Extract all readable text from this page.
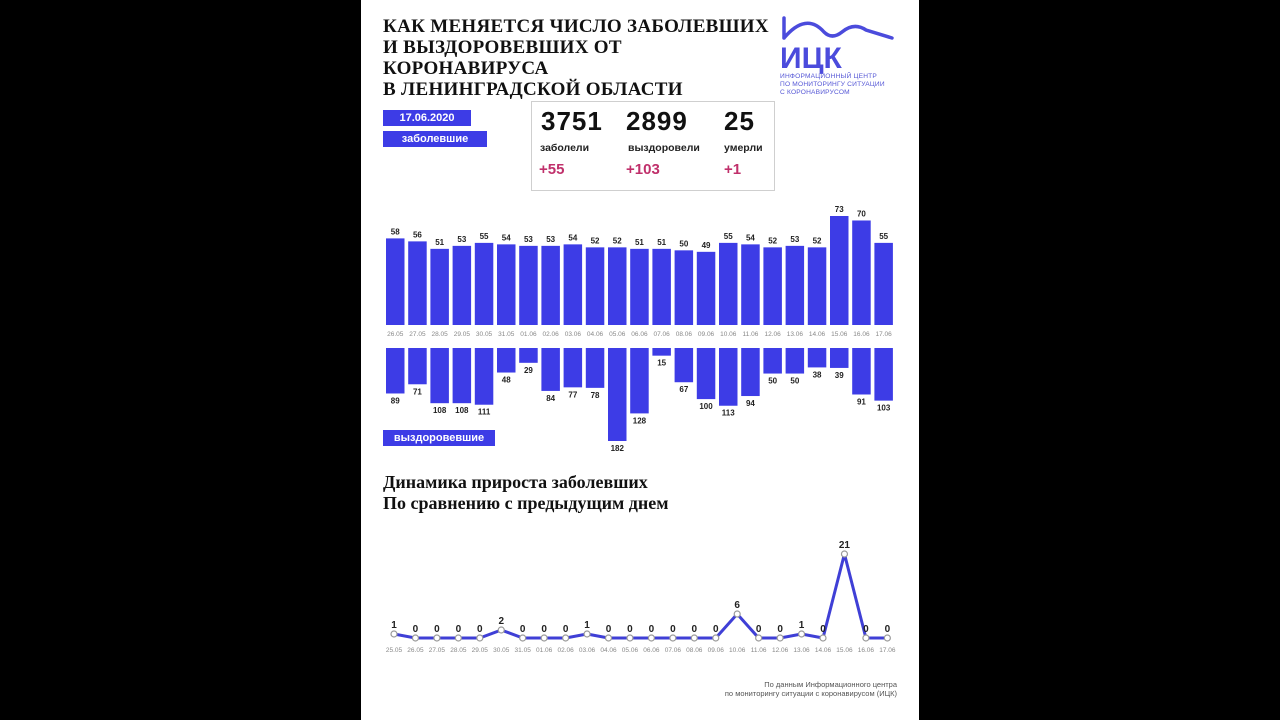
КАК МЕНЯЕТСЯ ЧИСЛО ЗАБОЛЕВШИХ
И ВЫЗДОРОВЕВШИХ ОТ
КОРОНАВИРУСА
В ЛЕНИНГРАДСКОЙ ОБЛАСТИ
ИЦК
ИНФОРМАЦИОННЫЙ ЦЕНТР
ПО МОНИТОРИНГУ СИТУАЦИИ
С КОРОНАВИРУСОМ
17.06.2020
заболевшие
3751 2899 25
заболели	выздоровели умерли
+55	+103	+1
58
26.05
89
56
27.05
71
51
28.05
108
53
29.05
108
55
30.05
111
54
31.05
48
53
01.06
29
53
02.06
84
54
03.06
77
52
04.06
78
52
05.06
182
51
06.06
128
51
07.06
15
50
08.06
67
49
09.06
100
55
10.06
113
54
11.06
94
52
12.06
50
53
13.06
50
52
14.06
38
73
15.06
39
70
16.06
91
55
17.06
103
выздоровевшие
Динамика прироста заболевших
По сравнению с предыдущим днем
1
25.05
0
26.05
0
27.05
0
28.05
0
29.05
2
30.05
0
31.05
0
01.06
0
02.06
1
03.06
0
04.06
0
05.06
0
06.06
0
07.06
0
08.06
0
09.06
6
10.06
0
11.06
0
12.06
1
13.06
0
14.06
21
15.06
0
16.06
0
17.06
По данным Информационного центра
по мониторингу ситуации с коронавирусом (ИЦК)
